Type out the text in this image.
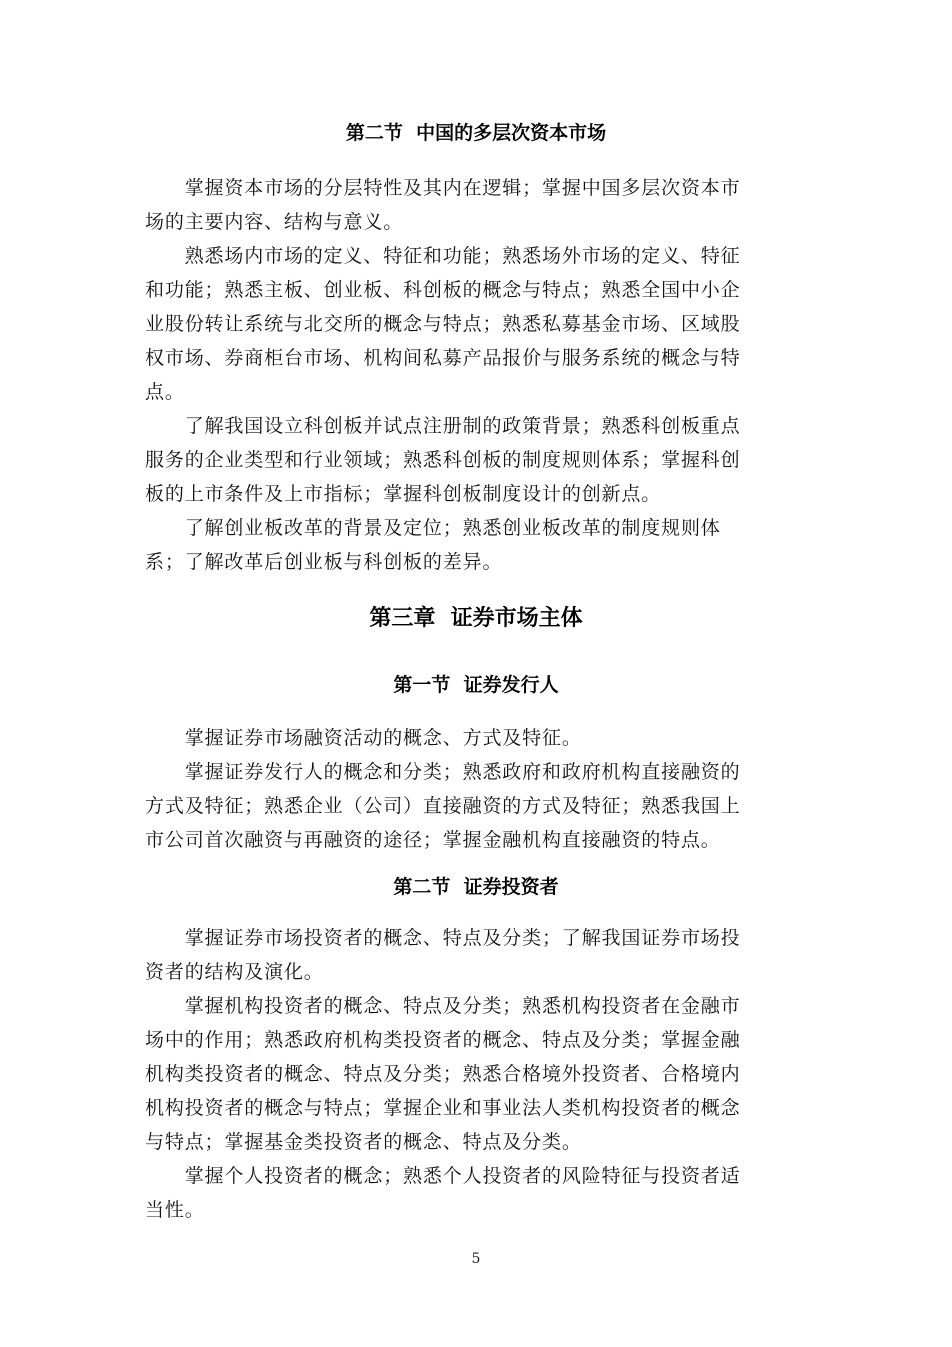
第二节  中国的多层次资本市场
　　掌握资本市场的分层特性及其内在逻辑；掌握中国多层次资本市
场的主要内容、结构与意义。
　　熟悉场内市场的定义、特征和功能；熟悉场外市场的定义、特征
和功能；熟悉主板、创业板、科创板的概念与特点；熟悉全国中小企
业股份转让系统与北交所的概念与特点；熟悉私募基金市场、区域股
权市场、券商柜台市场、机构间私募产品报价与服务系统的概念与特
点。
　　了解我国设立科创板并试点注册制的政策背景；熟悉科创板重点
服务的企业类型和行业领域；熟悉科创板的制度规则体系；掌握科创
板的上市条件及上市指标；掌握科创板制度设计的创新点。
　　了解创业板改革的背景及定位；熟悉创业板改革的制度规则体
系；了解改革后创业板与科创板的差异。
第三章  证券市场主体
第一节  证券发行人
　　掌握证券市场融资活动的概念、方式及特征。
　　掌握证券发行人的概念和分类；熟悉政府和政府机构直接融资的
方式及特征；熟悉企业（公司）直接融资的方式及特征；熟悉我国上
市公司首次融资与再融资的途径；掌握金融机构直接融资的特点。
第二节  证券投资者
　　掌握证券市场投资者的概念、特点及分类；了解我国证券市场投
资者的结构及演化。
　　掌握机构投资者的概念、特点及分类；熟悉机构投资者在金融市
场中的作用；熟悉政府机构类投资者的概念、特点及分类；掌握金融
机构类投资者的概念、特点及分类；熟悉合格境外投资者、合格境内
机构投资者的概念与特点；掌握企业和事业法人类机构投资者的概念
与特点；掌握基金类投资者的概念、特点及分类。
　　掌握个人投资者的概念；熟悉个人投资者的风险特征与投资者适
当性。
5
